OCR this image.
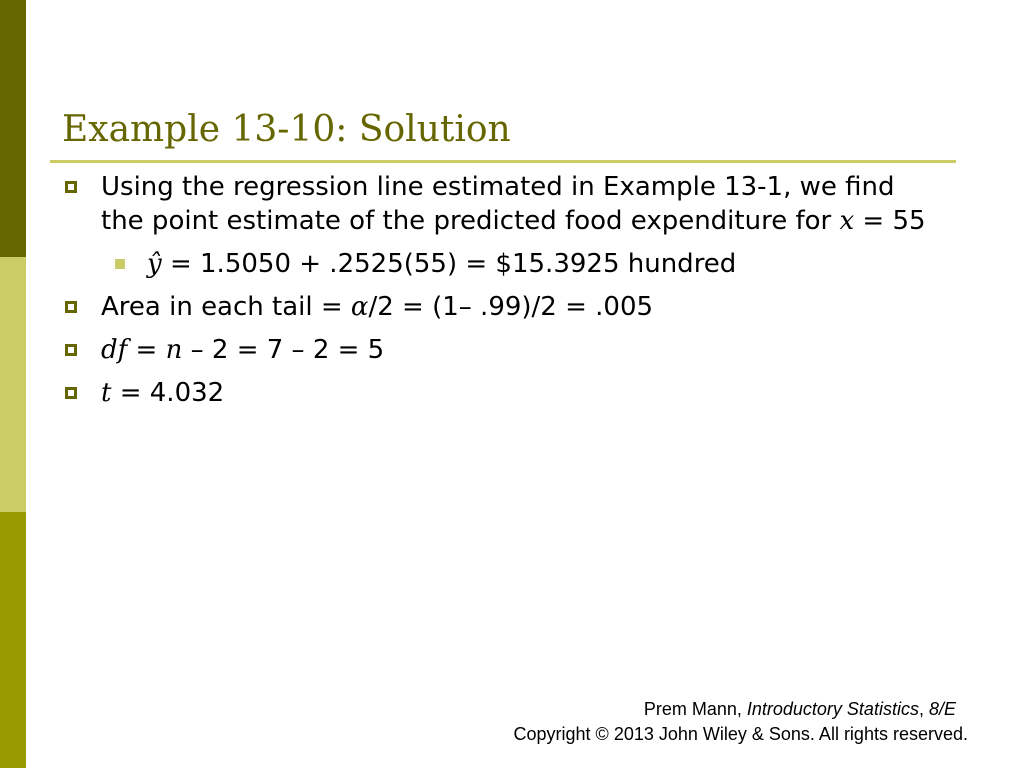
Example 13-10: Solution
Using the regression line estimated in Example 13-1, we find the point estimate of the predicted food expenditure for x = 55
ŷ = 1.5050 + .2525(55) = $15.3925 hundred
Area in each tail = α/2 = (1– .99)/2 = .005
df = n – 2 = 7 – 2 = 5
t = 4.032
Prem Mann, Introductory Statistics, 8/E
Copyright © 2013 John Wiley & Sons. All rights reserved.
